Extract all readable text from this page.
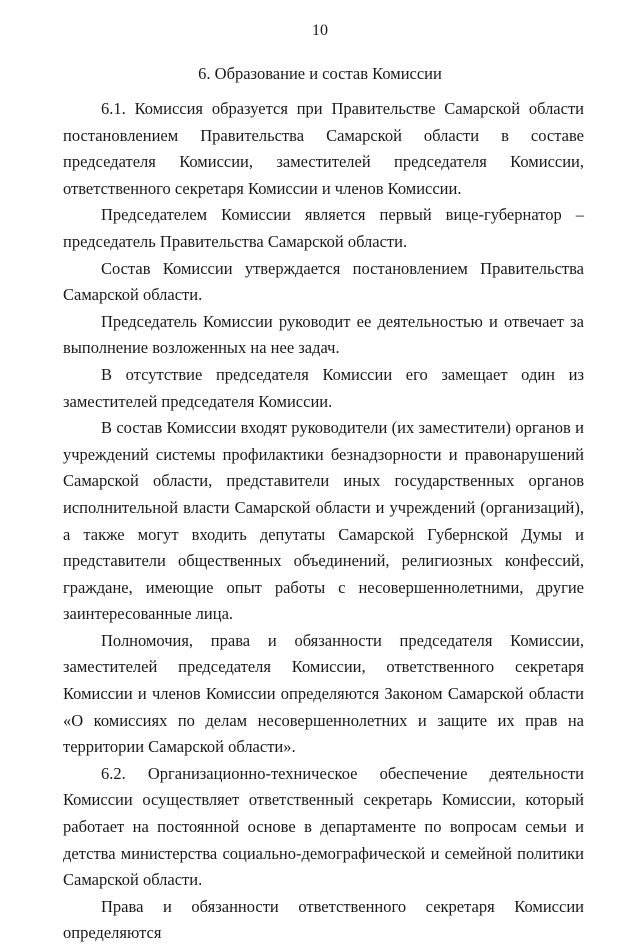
10
6. Образование и состав Комиссии

6.1. Комиссия образуется при Правительстве Самарской области постановлением Правительства Самарской области в составе председателя Комиссии, заместителей председателя Комиссии, ответственного секретаря Комиссии и членов Комиссии.

Председателем Комиссии является первый вице-губернатор – председатель Правительства Самарской области.

Состав Комиссии утверждается постановлением Правительства Самарской области.

Председатель Комиссии руководит ее деятельностью и отвечает за выполнение возложенных на нее задач.

В отсутствие председателя Комиссии его замещает один из заместителей председателя Комиссии.

В состав Комиссии входят руководители (их заместители) органов и учреждений системы профилактики безнадзорности и правонарушений Самарской области, представители иных государственных органов исполнительной власти Самарской области и учреждений (организаций), а также могут входить депутаты Самарской Губернской Думы и представители общественных объединений, религиозных конфессий, граждане, имеющие опыт работы с несовершеннолетними, другие заинтересованные лица.

Полномочия, права и обязанности председателя Комиссии, заместителей председателя Комиссии, ответственного секретаря Комиссии и членов Комиссии определяются Законом Самарской области «О комиссиях по делам несовершеннолетних и защите их прав на территории Самарской области».

6.2. Организационно-техническое обеспечение деятельности Комиссии осуществляет ответственный секретарь Комиссии, который работает на постоянной основе в департаменте по вопросам семьи и детства министерства социально-демографической и семейной политики Самарской области.

Права и обязанности ответственного секретаря Комиссии определяются
